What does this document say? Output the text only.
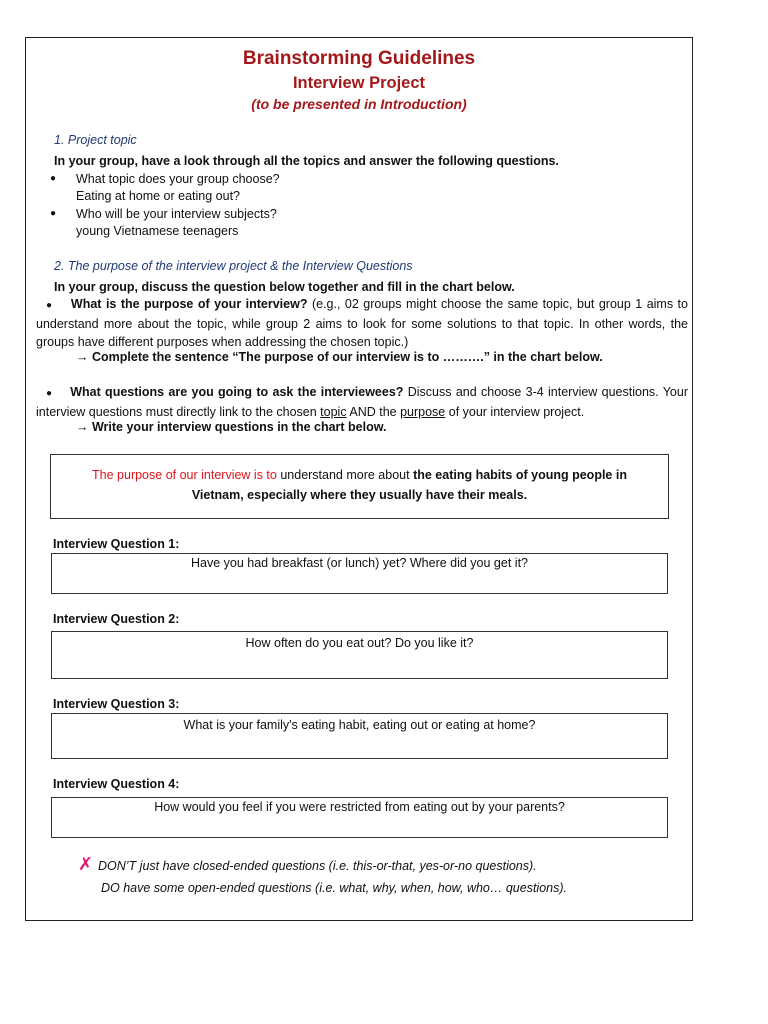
Brainstorming Guidelines
Interview Project
(to be presented in Introduction)
1. Project topic
In your group, have a look through all the topics and answer the following questions.
● What topic does your group choose?
Eating at home or eating out?
● Who will be your interview subjects?
young Vietnamese teenagers
2. The purpose of the interview project & the Interview Questions
In your group, discuss the question below together and fill in the chart below.
● What is the purpose of your interview? (e.g., 02 groups might choose the same topic, but group 1 aims to understand more about the topic, while group 2 aims to look for some solutions to that topic. In other words, the groups have different purposes when addressing the chosen topic.)
→ Complete the sentence “The purpose of our interview is to ……….” in the chart below.
● What questions are you going to ask the interviewees? Discuss and choose 3-4 interview questions. Your interview questions must directly link to the chosen topic AND the purpose of your interview project.
→ Write your interview questions in the chart below.
The purpose of our interview is to understand more about the eating habits of young people in Vietnam, especially where they usually have their meals.
Interview Question 1:
Have you had breakfast (or lunch) yet? Where did you get it?
Interview Question 2:
How often do you eat out? Do you like it?
Interview Question 3:
What is your family's eating habit, eating out or eating at home?
Interview Question 4:
How would you feel if you were restricted from eating out by your parents?
✗ DON’T just have closed-ended questions (i.e. this-or-that, yes-or-no questions).
DO have some open-ended questions (i.e. what, why, when, how, who… questions).
